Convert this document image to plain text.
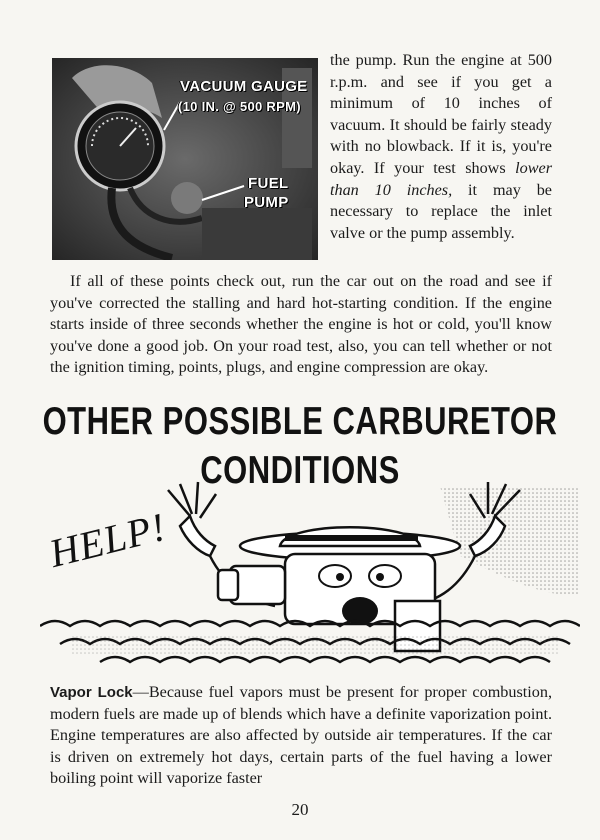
VACUUM GAUGE
(10 IN. @ 500 RPM)
FUEL
PUMP

the pump. Run the engine at 500 r.p.m. and see if you get a minimum of 10 inches of vacuum. It should be fairly steady with no blowback. If it is, you're okay. If your test shows lower than 10 inches, it may be necessary to replace the inlet valve or the pump assembly.

If all of these points check out, run the car out on the road and see if you've corrected the stalling and hard hot-starting condition. If the engine starts inside of three seconds whether the engine is hot or cold, you'll know you've done a good job. On your road test, also, you can tell whether or not the ignition timing, points, plugs, and engine compression are okay.

OTHER POSSIBLE CARBURETOR
CONDITIONS
HELP!

Vapor Lock—Because fuel vapors must be present for proper combustion, modern fuels are made up of blends which have a definite vaporization point. Engine temperatures are also affected by outside air temperatures. If the car is driven on extremely hot days, certain parts of the fuel having a lower boiling point will vaporize faster

20
